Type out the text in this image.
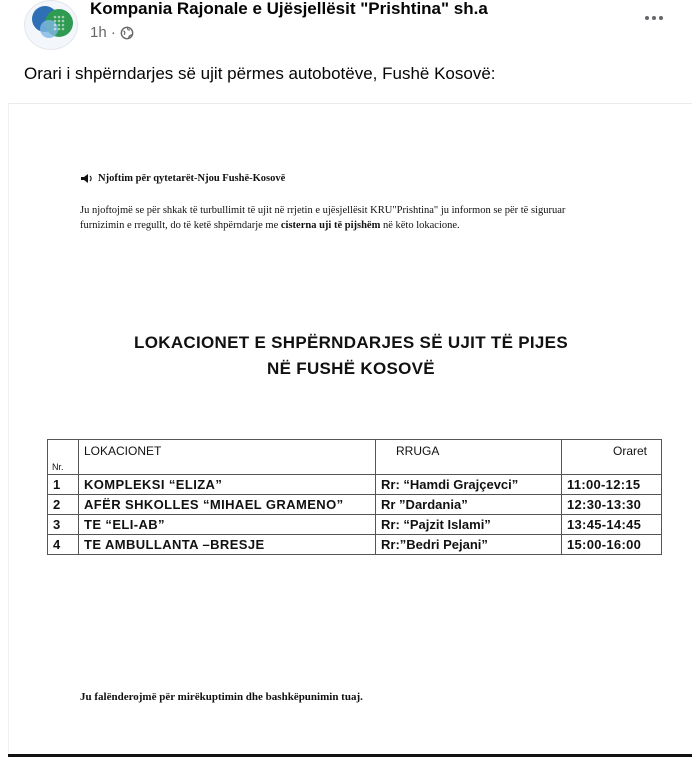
Kompania Rajonale e Ujësjellësit "Prishtina" sh.a
1h ·
Orari i shpërndarjes së ujit përmes autobotëve, Fushë Kosovë:
Njoftim për qytetarët-Njou Fushë-Kosovë
Ju njoftojmë se për shkak të turbullimit të ujit në rrjetin e ujësjellësit KRU"Prishtina" ju informon se për të siguruar furnizimin e rregullt, do të ketë shpërndarje me cisterna uji të pijshëm në këto lokacione.
LOKACIONET E SHPËRNDARJES SË UJIT TË PIJES
NË FUSHË KOSOVË
Nr.	LOKACIONET	RRUGA	Oraret
1	KOMPLEKSI “ELIZA”	Rr: “Hamdi Grajçevci”	11:00-12:15
2	AFËR SHKOLLES “MIHAEL GRAMENO”	Rr ”Dardania”	12:30-13:30
3	TE “ELI-AB”	Rr: “Pajzit Islami”	13:45-14:45
4	TE AMBULLANTA –BRESJE	Rr:”Bedri Pejani”	15:00-16:00
Ju falënderojmë për mirëkuptimin dhe bashkëpunimin tuaj.
